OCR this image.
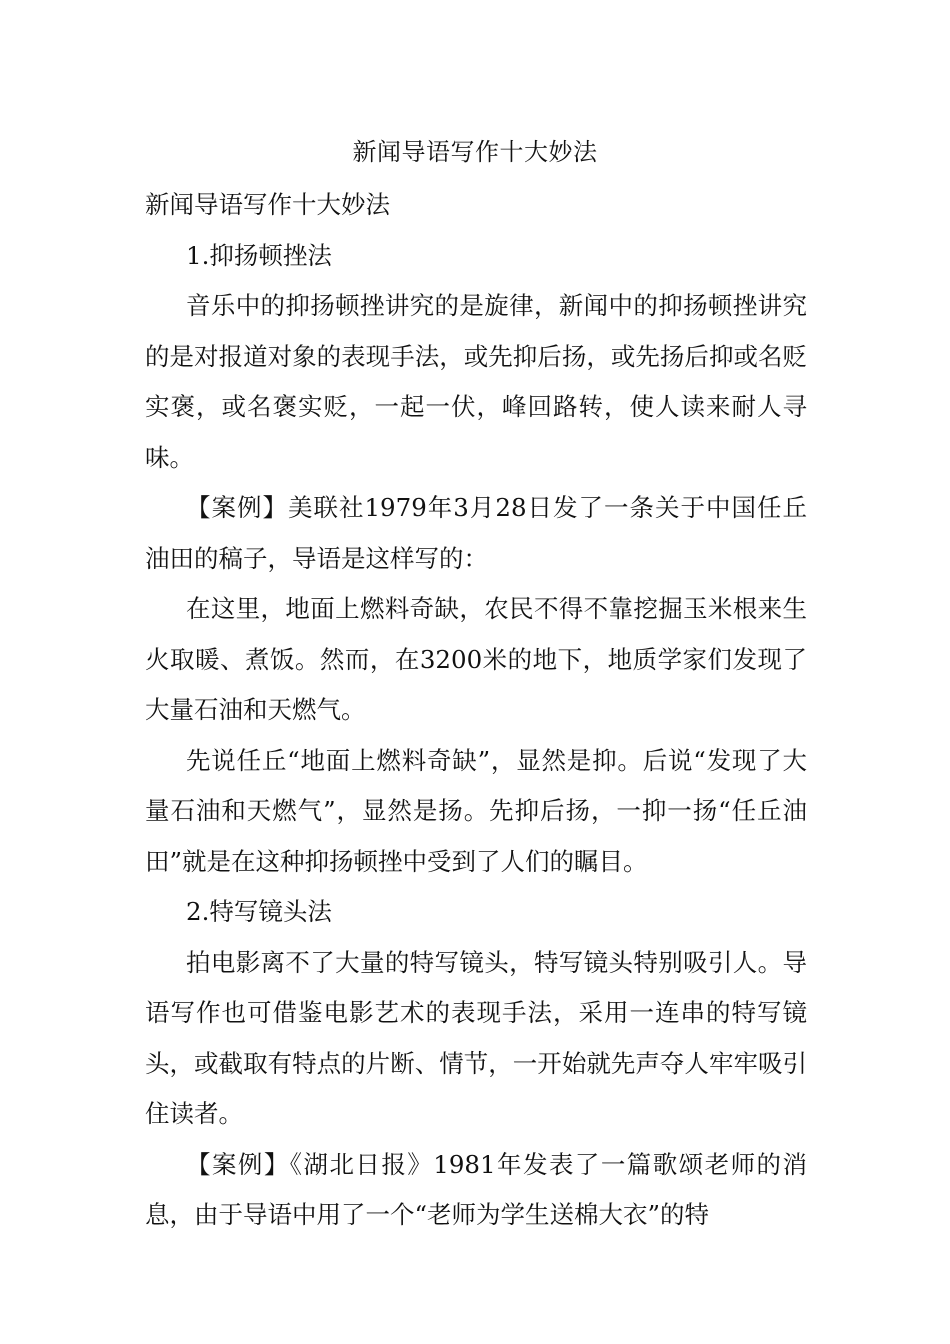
新闻导语写作十大妙法

新闻导语写作十大妙法

1.抑扬顿挫法

音乐中的抑扬顿挫讲究的是旋律，新闻中的抑扬顿挫讲究的是对报道对象的表现手法，或先抑后扬，或先扬后抑或名贬实褒，或名褒实贬，一起一伏，峰回路转，使人读来耐人寻味。

【案例】美联社1979年3月28日发了一条关于中国任丘油田的稿子，导语是这样写的：

在这里，地面上燃料奇缺，农民不得不靠挖掘玉米根来生火取暖、煮饭。然而，在3200米的地下，地质学家们发现了大量石油和天燃气。

先说任丘“地面上燃料奇缺”，显然是抑。后说“发现了大量石油和天燃气”，显然是扬。先抑后扬，一抑一扬“任丘油田”就是在这种抑扬顿挫中受到了人们的瞩目。

2.特写镜头法

拍电影离不了大量的特写镜头，特写镜头特别吸引人。导语写作也可借鉴电影艺术的表现手法，采用一连串的特写镜头，或截取有特点的片断、情节，一开始就先声夺人牢牢吸引住读者。

【案例】《湖北日报》1981年发表了一篇歌颂老师的消息，由于导语中用了一个“老师为学生送棉大衣”的特
